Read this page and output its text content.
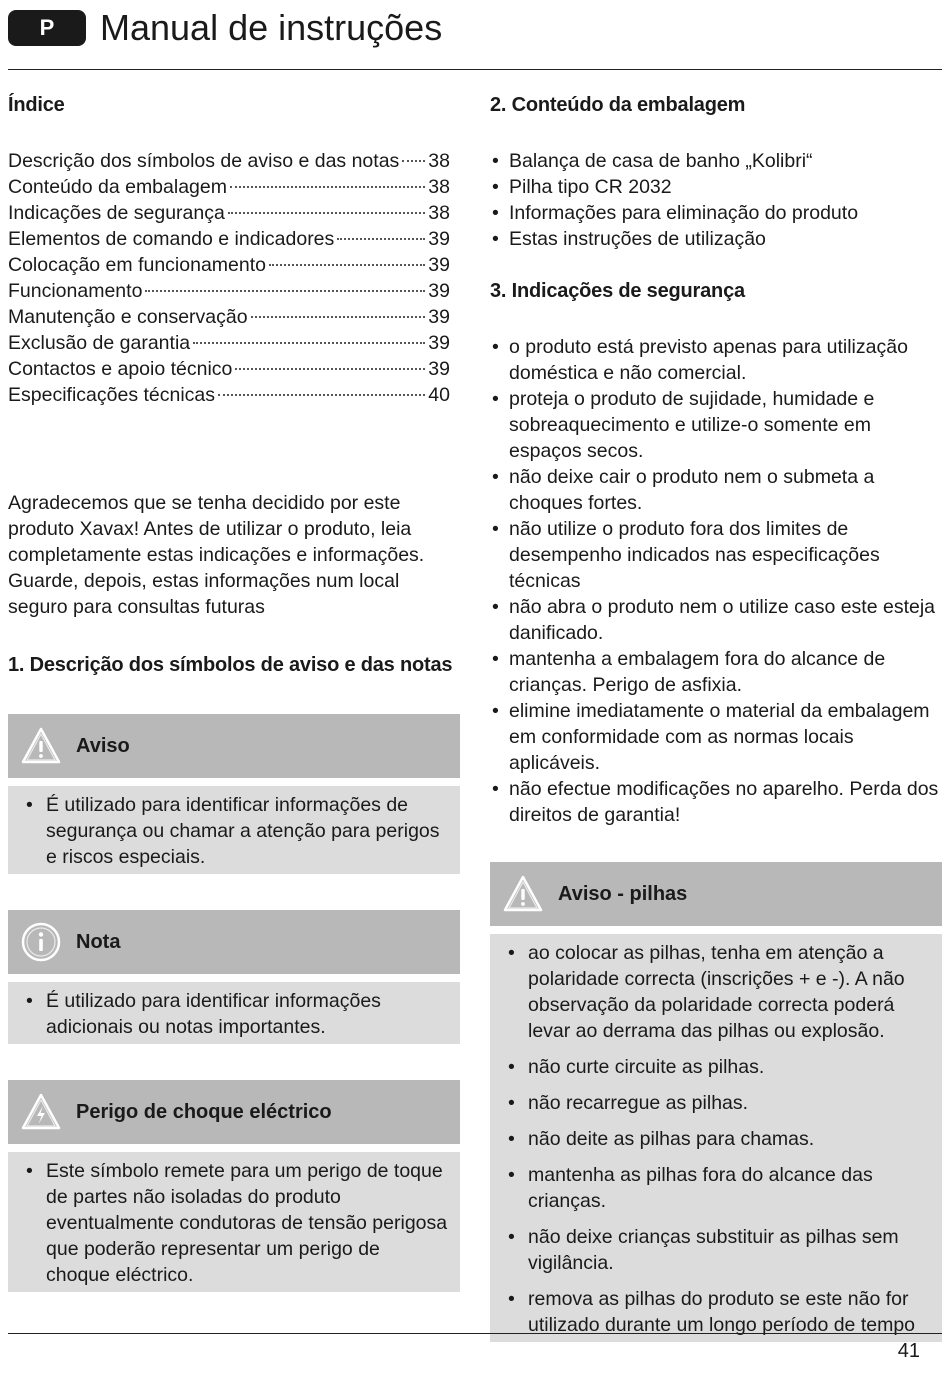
P	Manual de instruções
Índice
Descrição dos símbolos de aviso e das notas 38
Conteúdo da embalagem	38
Indicações de segurança	38
Elementos de comando e indicadores	39
Colocação em funcionamento	39
Funcionamento	39
Manutenção e conservação	39
Exclusão de garantia	39
Contactos e apoio técnico	39
Especificações técnicas	40

Agradecemos que se tenha decidido por este produto Xavax! Antes de utilizar o produto, leia completamente estas indicações e informações. Guarde, depois, estas informações num local seguro para consultas futuras

1. Descrição dos símbolos de aviso e das notas
Aviso
• É utilizado para identificar informações de segurança ou chamar a atenção para perigos e riscos especiais.
Nota
• É utilizado para identificar informações adicionais ou notas importantes.
Perigo de choque eléctrico
• Este símbolo remete para um perigo de toque de partes não isoladas do produto eventualmente condutoras de tensão perigosa que poderão representar um perigo de choque eléctrico.
2. Conteúdo da embalagem
• Balança de casa de banho „Kolibri“
• Pilha tipo CR 2032
• Informações para eliminação do produto
• Estas instruções de utilização
3. Indicações de segurança
• o produto está previsto apenas para utilização doméstica e não comercial.
• proteja o produto de sujidade, humidade e sobreaquecimento e utilize-o somente em espaços secos.
• não deixe cair o produto nem o submeta a choques fortes.
• não utilize o produto fora dos limites de desempenho indicados nas especificações técnicas
• não abra o produto nem o utilize caso este esteja danificado.
• mantenha a embalagem fora do alcance de crianças. Perigo de asfixia.
• elimine imediatamente o material da embalagem em conformidade com as normas locais aplicáveis.
• não efectue modificações no aparelho. Perda dos direitos de garantia!
Aviso - pilhas
• ao colocar as pilhas, tenha em atenção a polaridade correcta (inscrições + e -). A não observação da polaridade correcta poderá levar ao derrama das pilhas ou explosão.
• não curte circuite as pilhas.
• não recarregue as pilhas.
• não deite as pilhas para chamas.
• mantenha as pilhas fora do alcance das crianças.
• não deixe crianças substituir as pilhas sem vigilância.
• remova as pilhas do produto se este não for utilizado durante um longo período de tempo
41
